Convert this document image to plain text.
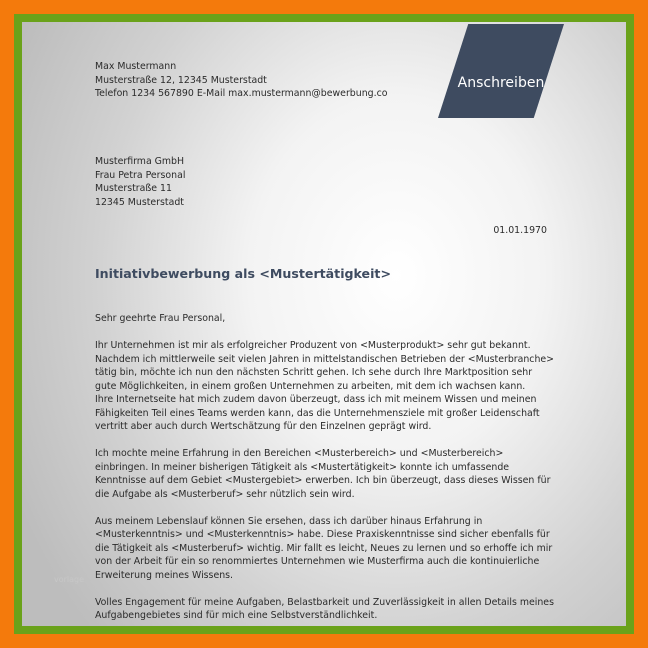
Anschreiben
Max Mustermann
Musterstraße 12, 12345 Musterstadt
Telefon 1234 567890 E-Mail max.mustermann@bewerbung.co
Musterfirma GmbH
Frau Petra Personal
Musterstraße 11
12345 Musterstadt
01.01.1970
Initiativbewerbung als <Mustertätigkeit>
Sehr geehrte Frau Personal,
Ihr Unternehmen ist mir als erfolgreicher Produzent von <Musterprodukt> sehr gut bekannt.
Nachdem ich mittlerweile seit vielen Jahren in mittelstandischen Betrieben der <Musterbranche>
tätig bin, möchte ich nun den nächsten Schritt gehen. Ich sehe durch Ihre Marktposition sehr
gute Möglichkeiten, in einem großen Unternehmen zu arbeiten, mit dem ich wachsen kann.
Ihre Internetseite hat mich zudem davon überzeugt, dass ich mit meinem Wissen und meinen
Fähigkeiten Teil eines Teams werden kann, das die Unternehmensziele mit großer Leidenschaft
vertritt aber auch durch Wertschätzung für den Einzelnen geprägt wird.
Ich mochte meine Erfahrung in den Bereichen <Musterbereich> und <Musterbereich>
einbringen. In meiner bisherigen Tätigkeit als <Mustertätigkeit> konnte ich umfassende
Kenntnisse auf dem Gebiet <Mustergebiet> erwerben. Ich bin überzeugt, dass dieses Wissen für
die Aufgabe als <Musterberuf> sehr nützlich sein wird.
Aus meinem Lebenslauf können Sie ersehen, dass ich darüber hinaus Erfahrung in
<Musterkenntnis> und <Musterkenntnis> habe. Diese Praxiskenntnisse sind sicher ebenfalls für
die Tätigkeit als <Musterberuf> wichtig. Mir fallt es leicht, Neues zu lernen und so erhoffe ich mir
von der Arbeit für ein so renommiertes Unternehmen wie Musterfirma auch die kontinuierliche
Erweiterung meines Wissens.
Volles Engagement für meine Aufgaben, Belastbarkeit und Zuverlässigkeit in allen Details meines
Aufgabengebietes sind für mich eine Selbstverständlichkeit.
vorlage
